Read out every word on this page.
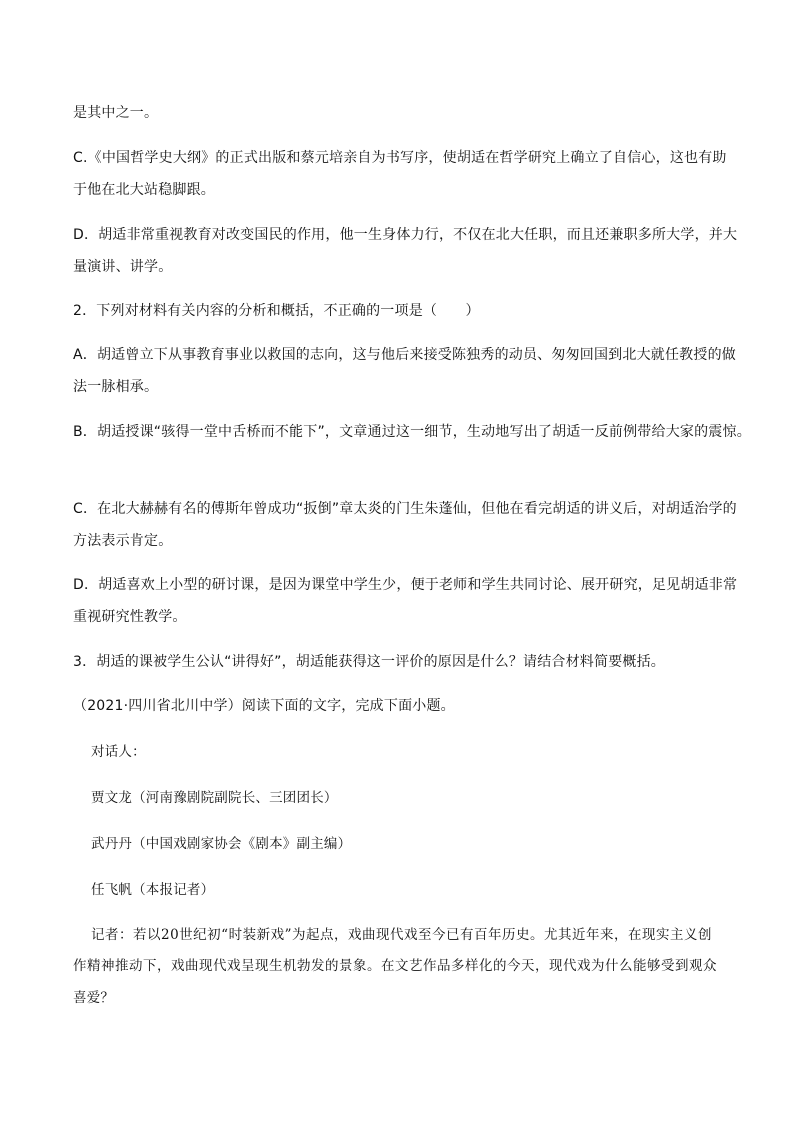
是其中之一。
C.《中国哲学史大纲》的正式出版和蔡元培亲自为书写序，使胡适在哲学研究上确立了自信心，这也有助
于他在北大站稳脚跟。
D．胡适非常重视教育对改变国民的作用，他一生身体力行，不仅在北大任职，而且还兼职多所大学，并大
量演讲、讲学。
2．下列对材料有关内容的分析和概括，不正确的一项是（　　）
A．胡适曾立下从事教育事业以救国的志向，这与他后来接受陈独秀的动员、匆匆回国到北大就任教授的做
法一脉相承。
B．胡适授课“骇得一堂中舌桥而不能下”，文章通过这一细节，生动地写出了胡适一反前例带给大家的震惊。
C．在北大赫赫有名的傅斯年曾成功“扳倒”章太炎的门生朱蓬仙，但他在看完胡适的讲义后，对胡适治学的
方法表示肯定。
D．胡适喜欢上小型的研讨课，是因为课堂中学生少，便于老师和学生共同讨论、展开研究，足见胡适非常
重视研究性教学。
3．胡适的课被学生公认“讲得好”，胡适能获得这一评价的原因是什么？请结合材料简要概括。
（2021·四川省北川中学）阅读下面的文字，完成下面小题。
对话人：
贾文龙（河南豫剧院副院长、三团团长）
武丹丹（中国戏剧家协会《剧本》副主编）
任飞帆（本报记者）
记者：若以20世纪初“时装新戏”为起点，戏曲现代戏至今已有百年历史。尤其近年来，在现实主义创
作精神推动下，戏曲现代戏呈现生机勃发的景象。在文艺作品多样化的今天，现代戏为什么能够受到观众
喜爱？
